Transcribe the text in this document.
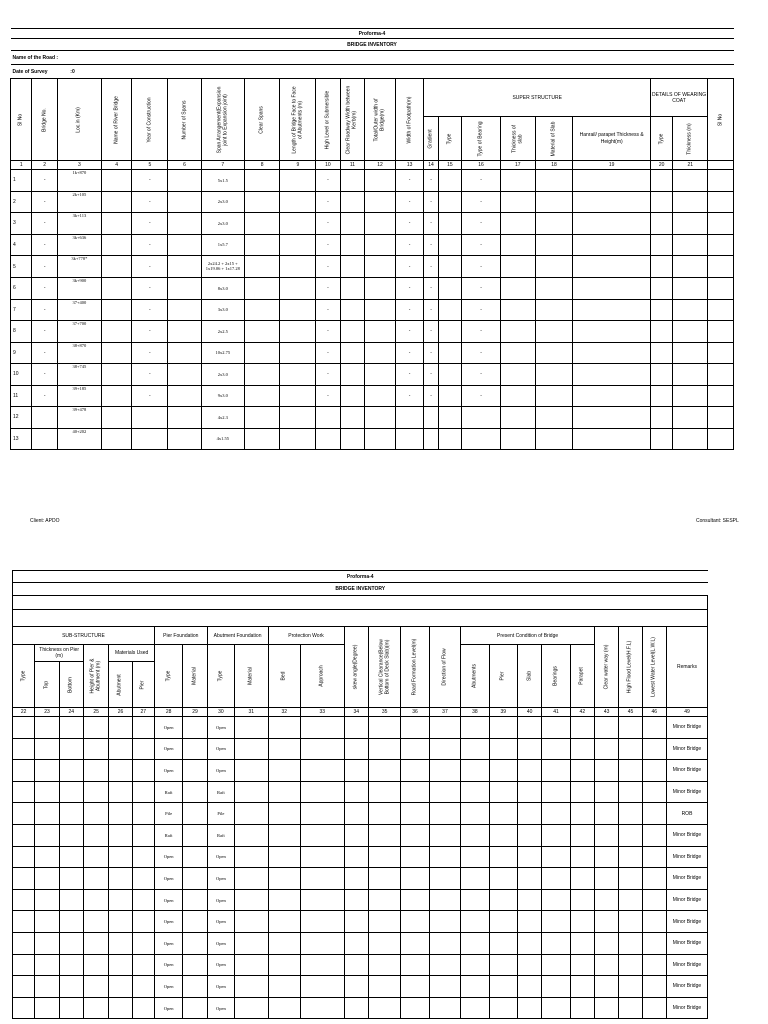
Proforma-4																					
BRIDGE INVENTORY																					
Name of the Road :																					
Date of Survey :0																					

Sl No	Bridge No.	Loc.in (Km)	Name of River Bridge	Year of Construction	Number of Spans	Span Arrangement(Expansion joint to Expansion joint)	Clear Spans	Length of Bridge Face to Face of Abutments (m)	High Level or Submersible	Clear Roadway Width between Kerb(m)	Total/Outer width of Bridge(m)	Width of Footpath(m)	SUPER STRUCTURE						DETAILS OF WEARING COAT		Sl No

													Gradient	Type	Type of Bearing	Thickness of slab	Material of Slab	Hanrail/ parapet Thickness & Height(m)	Type	Thickness (m)	

1	2	3	4	5	6	7	8	9	10	11	12	13	14	15	16	17	18	19	20	21	
1	-	1k+870		-		5x1.5			-			-	-		-						
2	-	2k+105		-		2x3.0			-			-	-		-						
3	-	3k+113		-		2x3.0			-			-	-		-						
4	-	3k+636		-		1x5.7			-			-	-		-						
5	-	3k+778*		-		2x24.2 + 2x15 + 1x19.06 + 1x17.28			-			-	-		-						
6	-	3k+900		-		8x3.0			-			-	-		-						
7	-	37+400		-		3x3.0			-			-	-		-						
8	-	37+700		-		2x2.5			-			-	-		-						
9	-	38+870		-		10x2.75			-			-	-		-						
10	-	38+745		-		2x3.0			-			-	-		-						
11	-	39+185		-		9x3.0			-			-	-		-						
12		39+478				4x2.3															
13		40+202				4x1.55															
Client: APDO	Consultant: SESPL
Proforma-4																								
BRIDGE INVENTORY																								

SUB-STRUCTURE						Pier Foundation		Abutment Foundation		Protection Work		skew angle(Degree)	Vertical Clearance(Below Bottom of Deck Slab)(m)	Road Formation Level(m)	Direction of Flow	Present Condition of Bridge					Clear water way (m)	High Flood Level(H.F.L)	Lowest Water Level(L.W.L)	Remarks

Type	Thickness on Pier (m)		Height of Pier & Abutment (m)	Materials Used		Type	Material	Type	Material	Bed	Approach					Abutments	Pier	Slab	Bearings	Parapet				

	Top	Bottom		Abutment	Pier																			

22	23	24	25	26	27	28	29	30	31	32	33	34	35	36	37	38	39	40	41	42	43	45	46	49
						Open		Open																Minor Bridge
						Open		Open																Minor Bridge
						Open		Open																Minor Bridge
						Raft		Raft																Minor Bridge
						Pile		Pile																ROB
						Raft		Raft																Minor Bridge
						Open		Open																Minor Bridge
						Open		Open																Minor Bridge
						Open		Open																Minor Bridge
						Open		Open																Minor Bridge
						Open		Open																Minor Bridge
						Open		Open																Minor Bridge
						Open		Open																Minor Bridge
						Open		Open																Minor Bridge
